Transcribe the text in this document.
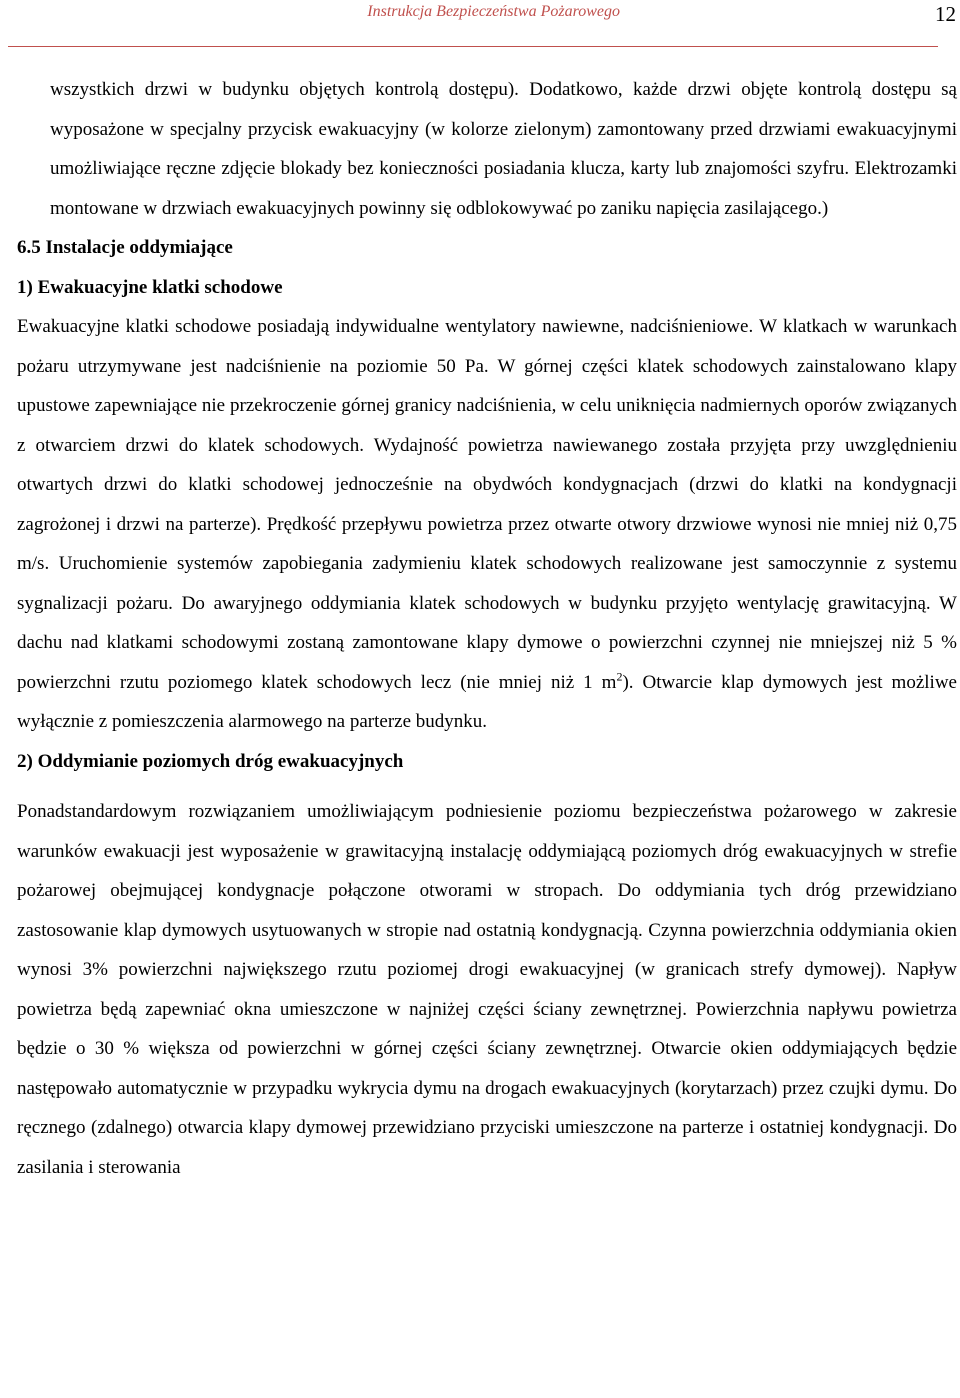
Instrukcja Bezpieczeństwa Pożarowego	12

wszystkich drzwi w budynku objętych kontrolą dostępu). Dodatkowo, każde drzwi objęte kontrolą dostępu są wyposażone w specjalny przycisk ewakuacyjny (w kolorze zielonym) zamontowany przed drzwiami ewakuacyjnymi umożliwiające ręczne zdjęcie blokady bez konieczności posiadania klucza, karty lub znajomości szyfru. Elektrozamki montowane w drzwiach ewakuacyjnych powinny się odblokowywać po zaniku napięcia zasilającego.)

6.5 Instalacje oddymiające

1) Ewakuacyjne klatki schodowe

Ewakuacyjne klatki schodowe posiadają indywidualne wentylatory nawiewne, nadciśnieniowe. W klatkach w warunkach pożaru utrzymywane jest nadciśnienie na poziomie 50 Pa. W górnej części klatek schodowych zainstalowano klapy upustowe zapewniające nie przekroczenie górnej granicy nadciśnienia, w celu uniknięcia nadmiernych oporów związanych z otwarciem drzwi do klatek schodowych. Wydajność powietrza nawiewanego została przyjęta przy uwzględnieniu otwartych drzwi do klatki schodowej jednocześnie na obydwóch kondygnacjach (drzwi do klatki na kondygnacji zagrożonej i drzwi na parterze). Prędkość przepływu powietrza przez otwarte otwory drzwiowe wynosi nie mniej niż 0,75 m/s. Uruchomienie systemów zapobiegania zadymieniu klatek schodowych realizowane jest samoczynnie z systemu sygnalizacji pożaru. Do awaryjnego oddymiania klatek schodowych w budynku przyjęto wentylację grawitacyjną. W dachu nad klatkami schodowymi zostaną zamontowane klapy dymowe o powierzchni czynnej nie mniejszej niż 5 % powierzchni rzutu poziomego klatek schodowych lecz (nie mniej niż 1 $m^2$). Otwarcie klap dymowych jest możliwe wyłącznie z pomieszczenia alarmowego na parterze budynku.

2) Oddymianie poziomych dróg ewakuacyjnych

Ponadstandardowym rozwiązaniem umożliwiającym podniesienie poziomu bezpieczeństwa pożarowego w zakresie warunków ewakuacji jest wyposażenie w grawitacyjną instalację oddymiającą poziomych dróg ewakuacyjnych w strefie pożarowej obejmującej kondygnacje połączone otworami w stropach. Do oddymiania tych dróg przewidziano zastosowanie klap dymowych usytuowanych w stropie nad ostatnią kondygnacją. Czynna powierzchnia oddymiania okien wynosi 3% powierzchni największego rzutu poziomej drogi ewakuacyjnej (w granicach strefy dymowej). Napływ powietrza będą zapewniać okna umieszczone w najniżej części ściany zewnętrznej. Powierzchnia napływu powietrza będzie o 30 % większa od powierzchni w górnej części ściany zewnętrznej. Otwarcie okien oddymiających będzie następowało automatycznie w przypadku wykrycia dymu na drogach ewakuacyjnych (korytarzach) przez czujki dymu. Do ręcznego (zdalnego) otwarcia klapy dymowej przewidziano przyciski umieszczone na parterze i ostatniej kondygnacji. Do zasilania i sterowania
